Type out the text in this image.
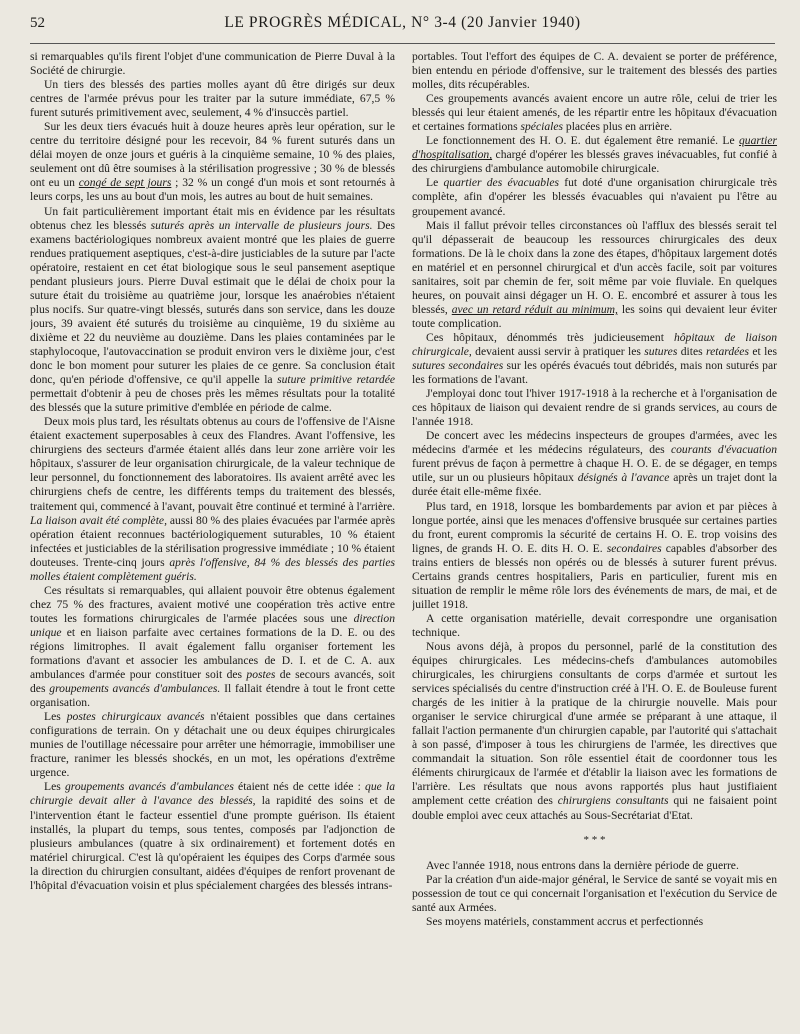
52	LE PROGRÈS MÉDICAL, N° 3-4 (20 Janvier 1940)

si remarquables qu'ils firent l'objet d'une communication de Pierre Duval à la Société de chirurgie.

Un tiers des blessés des parties molles ayant dû être dirigés sur deux centres de l'armée prévus pour les traiter par la suture immédiate, 67,5 % furent suturés primitivement avec, seulement, 4 % d'insuccès partiel.

Sur les deux tiers évacués huit à douze heures après leur opération, sur le centre du territoire désigné pour les recevoir, 84 % furent suturés dans un délai moyen de onze jours et guéris à la cinquième semaine, 10 % des plaies, seulement ont dû être soumises à la stérilisation progressive ; 30 % de blessés ont eu un congé de sept jours ; 32 % un congé d'un mois et sont retournés à leurs corps, les uns au bout d'un mois, les autres au bout de huit semaines.

Un fait particulièrement important était mis en évidence par les résultats obtenus chez les blessés suturés après un intervalle de plusieurs jours. Des examens bactériologiques nombreux avaient montré que les plaies de guerre rendues pratiquement aseptiques, c'est-à-dire justiciables de la suture par l'acte opératoire, restaient en cet état biologique sous le seul pansement aseptique pendant plusieurs jours. Pierre Duval estimait que le délai de choix pour la suture était du troisième au quatrième jour, lorsque les anaérobies n'étaient plus nocifs. Sur quatre-vingt blessés, suturés dans son service, dans les douze jours, 39 avaient été suturés du troisième au cinquième, 19 du sixième au dixième et 22 du neuvième au douzième. Dans les plaies contaminées par le staphylocoque, l'autovaccination se produit environ vers le dixième jour, c'est donc le bon moment pour suturer les plaies de ce genre. Sa conclusion était donc, qu'en période d'offensive, ce qu'il appelle la suture primitive retardée permettait d'obtenir à peu de choses près les mêmes résultats pour la totalité des blessés que la suture primitive d'emblée en période de calme.

Deux mois plus tard, les résultats obtenus au cours de l'offensive de l'Aisne étaient exactement superposables à ceux des Flandres. Avant l'offensive, les chirurgiens des secteurs d'armée étaient allés dans leur zone arrière voir les hôpitaux, s'assurer de leur organisation chirurgicale, de la valeur technique de leur personnel, du fonctionnement des laboratoires. Ils avaient arrêté avec les chirurgiens chefs de centre, les différents temps du traitement des blessés, traitement qui, commencé à l'avant, pouvait être continué et terminé à l'arrière. La liaison avait été complète, aussi 80 % des plaies évacuées par l'armée après opération étaient reconnues bactériologiquement suturables, 10 % étaient infectées et justiciables de la stérilisation progressive immédiate ; 10 % étaient douteuses. Trente-cinq jours après l'offensive, 84 % des blessés des parties molles étaient complètement guéris.

Ces résultats si remarquables, qui allaient pouvoir être obtenus également chez 75 % des fractures, avaient motivé une coopération très active entre toutes les formations chirurgicales de l'armée placées sous une direction unique et en liaison parfaite avec certaines formations de la D. E. ou des régions limitrophes. Il avait également fallu organiser fortement les formations d'avant et associer les ambulances de D. I. et de C. A. aux ambulances d'armée pour constituer soit des postes de secours avancés, soit des groupements avancés d'ambulances. Il fallait étendre à tout le front cette organisation.

Les postes chirurgicaux avancés n'étaient possibles que dans certaines configurations de terrain. On y détachait une ou deux équipes chirurgicales munies de l'outillage nécessaire pour arrêter une hémorragie, immobiliser une fracture, ranimer les blessés shockés, en un mot, les opérations d'extrême urgence.

Les groupements avancés d'ambulances étaient nés de cette idée : que la chirurgie devait aller à l'avance des blessés, la rapidité des soins et de l'intervention étant le facteur essentiel d'une prompte guérison. Ils étaient installés, la plupart du temps, sous tentes, composés par l'adjonction de plusieurs ambulances (quatre à six ordinairement) et fortement dotés en matériel chirurgical. C'est là qu'opéraient les équipes des Corps d'armée sous la direction du chirurgien consultant, aidées d'équipes de renfort provenant de l'hôpital d'évacuation voisin et plus spécialement chargées des blessés intrans-

portables. Tout l'effort des équipes de C. A. devaient se porter de préférence, bien entendu en période d'offensive, sur le traitement des blessés des parties molles, dits récupérables.

Ces groupements avancés avaient encore un autre rôle, celui de trier les blessés qui leur étaient amenés, de les répartir entre les hôpitaux d'évacuation et certaines formations spéciales placées plus en arrière.

Le fonctionnement des H. O. E. dut également être remanié. Le quartier d'hospitalisation, chargé d'opérer les blessés graves inévacuables, fut confié à des chirurgiens d'ambulance automobile chirurgicale.

Le quartier des évacuables fut doté d'une organisation chirurgicale très complète, afin d'opérer les blessés évacuables qui n'avaient pu l'être au groupement avancé.

Mais il fallut prévoir telles circonstances où l'afflux des blessés serait tel qu'il dépasserait de beaucoup les ressources chirurgicales des deux formations. De là le choix dans la zone des étapes, d'hôpitaux largement dotés en matériel et en personnel chirurgical et d'un accès facile, soit par voitures sanitaires, soit par chemin de fer, soit même par voie fluviale. En quelques heures, on pouvait ainsi dégager un H. O. E. encombré et assurer à tous les blessés, avec un retard réduit au minimum, les soins qui devaient leur éviter toute complication.

Ces hôpitaux, dénommés très judicieusement hôpitaux de liaison chirurgicale, devaient aussi servir à pratiquer les sutures dites retardées et les sutures secondaires sur les opérés évacués tout débridés, mais non suturés par les formations de l'avant.

J'employai donc tout l'hiver 1917-1918 à la recherche et à l'organisation de ces hôpitaux de liaison qui devaient rendre de si grands services, au cours de l'année 1918.

De concert avec les médecins inspecteurs de groupes d'armées, avec les médecins d'armée et les médecins régulateurs, des courants d'évacuation furent prévus de façon à permettre à chaque H. O. E. de se dégager, en temps utile, sur un ou plusieurs hôpitaux désignés à l'avance après un trajet dont la durée était elle-même fixée.

Plus tard, en 1918, lorsque les bombardements par avion et par pièces à longue portée, ainsi que les menaces d'offensive brusquée sur certaines parties du front, eurent compromis la sécurité de certains H. O. E. trop voisins des lignes, de grands H. O. E. dits H. O. E. secondaires capables d'absorber des trains entiers de blessés non opérés ou de blessés à suturer furent prévus. Certains grands centres hospitaliers, Paris en particulier, furent mis en situation de remplir le même rôle lors des événements de mars, de mai, et de juillet 1918.

A cette organisation matérielle, devait correspondre une organisation technique.

Nous avons déjà, à propos du personnel, parlé de la constitution des équipes chirurgicales. Les médecins-chefs d'ambulances automobiles chirurgicales, les chirurgiens consultants de corps d'armée et surtout les services spécialisés du centre d'instruction créé à l'H. O. E. de Bouleuse furent chargés de les initier à la pratique de la chirurgie nouvelle. Mais pour organiser le service chirurgical d'une armée se préparant à une attaque, il fallait l'action permanente d'un chirurgien capable, par l'autorité qui s'attachait à son passé, d'imposer à tous les chirurgiens de l'armée, les directives que commandait la situation. Son rôle essentiel était de coordonner tous les éléments chirurgicaux de l'armée et d'établir la liaison avec les formations de l'arrière. Les résultats que nous avons rapportés plus haut justifiaient amplement cette création des chirurgiens consultants qui ne faisaient point double emploi avec ceux attachés au Sous-Secrétariat d'Etat.

* * *

Avec l'année 1918, nous entrons dans la dernière période de guerre.

Par la création d'un aide-major général, le Service de santé se voyait mis en possession de tout ce qui concernait l'organisation et l'exécution du Service de santé aux Armées.

Ses moyens matériels, constamment accrus et perfectionnés
